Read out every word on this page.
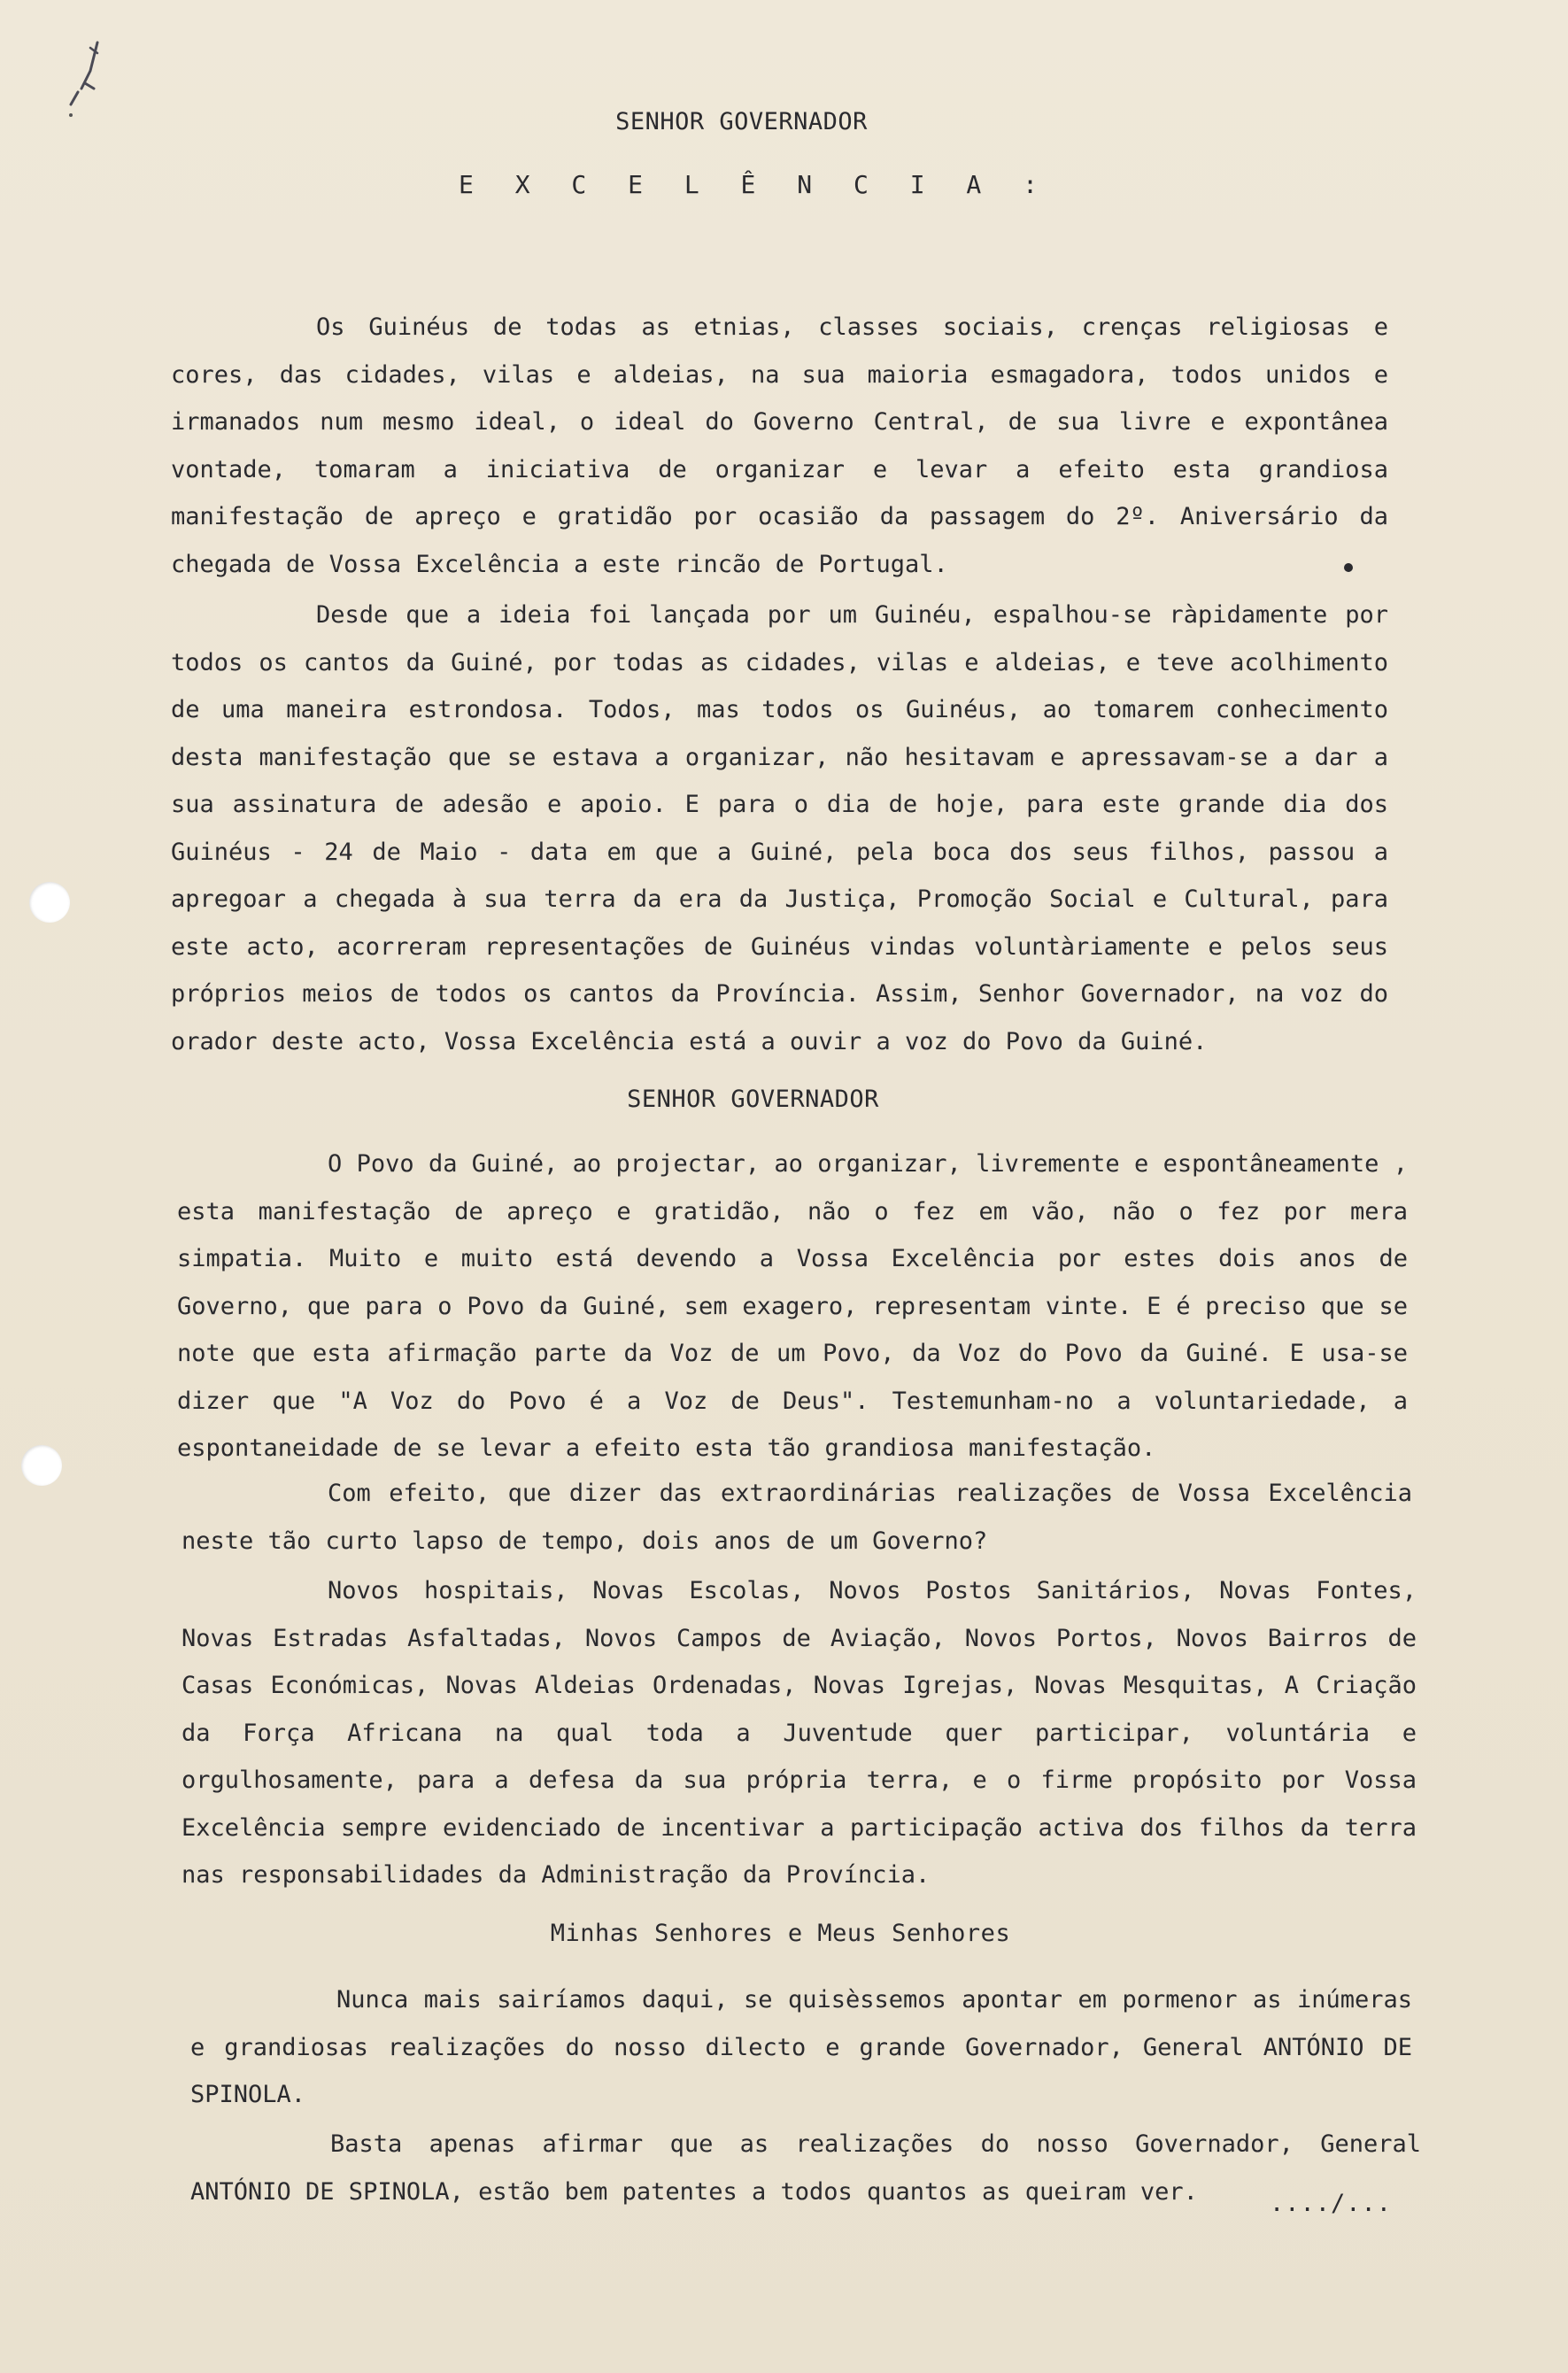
SENHOR GOVERNADOR
E X C E L Ê N C I A :

Os Guinéus de todas as etnias, classes sociais, crenças religiosas e cores, das cidades, vilas e aldeias, na sua maioria esmagadora, todos unidos e irmanados num mesmo ideal, o ideal do Governo Central, de sua livre e expontânea vontade, tomaram a iniciativa de organizar e levar a efeito esta grandiosa manifestação de apreço e gratidão por ocasião da passagem do 2º. Aniversário da chegada de Vossa Excelência a este rincão de Portugal.

Desde que a ideia foi lançada por um Guinéu, espalhou-se ràpidamente por todos os cantos da Guiné, por todas as cidades, vilas e aldeias, e teve acolhimento de uma maneira estrondosa. Todos, mas todos os Guinéus, ao tomarem conhecimento desta manifestação que se estava a organizar, não hesitavam e apressavam-se a dar a sua assinatura de adesão e apoio. E para o dia de hoje, para este grande dia dos Guinéus - 24 de Maio - data em que a Guiné, pela boca dos seus filhos, passou a apregoar a chegada à sua terra da era da Justiça, Promoção Social e Cultural, para este acto, acorreram representações de Guinéus vindas voluntàriamente e pelos seus próprios meios de todos os cantos da Província. Assim, Senhor Governador, na voz do orador deste acto, Vossa Excelência está a ouvir a voz do Povo da Guiné.

SENHOR GOVERNADOR

O Povo da Guiné, ao projectar, ao organizar, livremente e espontâneamente , esta manifestação de apreço e gratidão, não o fez em vão, não o fez por mera simpatia. Muito e muito está devendo a Vossa Excelência por estes dois anos de Governo, que para o Povo da Guiné, sem exagero, representam vinte. E é preciso que se note que esta afirmação parte da Voz de um Povo, da Voz do Povo da Guiné. E usa-se dizer que "A Voz do Povo é a Voz de Deus". Testemunham-no a voluntariedade, a espontaneidade de se levar a efeito esta tão grandiosa manifestação.

Com efeito, que dizer das extraordinárias realizações de Vossa Excelência neste tão curto lapso de tempo, dois anos de um Governo?

Novos hospitais, Novas Escolas, Novos Postos Sanitários, Novas Fontes, Novas Estradas Asfaltadas, Novos Campos de Aviação, Novos Portos, Novos Bairros de Casas Económicas, Novas Aldeias Ordenadas, Novas Igrejas, Novas Mesquitas, A Criação da Força Africana na qual toda a Juventude quer participar, voluntária e orgulhosamente, para a defesa da sua própria terra, e o firme propósito por Vossa Excelência sempre evidenciado de incentivar a participação activa dos filhos da terra nas responsabilidades da Administração da Província.

Minhas Senhores e Meus Senhores

Nunca mais sairíamos daqui, se quisèssemos apontar em pormenor as inúmeras e grandiosas realizações do nosso dilecto e grande Governador, General ANTÓNIO DE SPINOLA.

Basta apenas afirmar que as realizações do nosso Governador, General ANTÓNIO DE SPINOLA, estão bem patentes a todos quantos as queiram ver.	..../...
